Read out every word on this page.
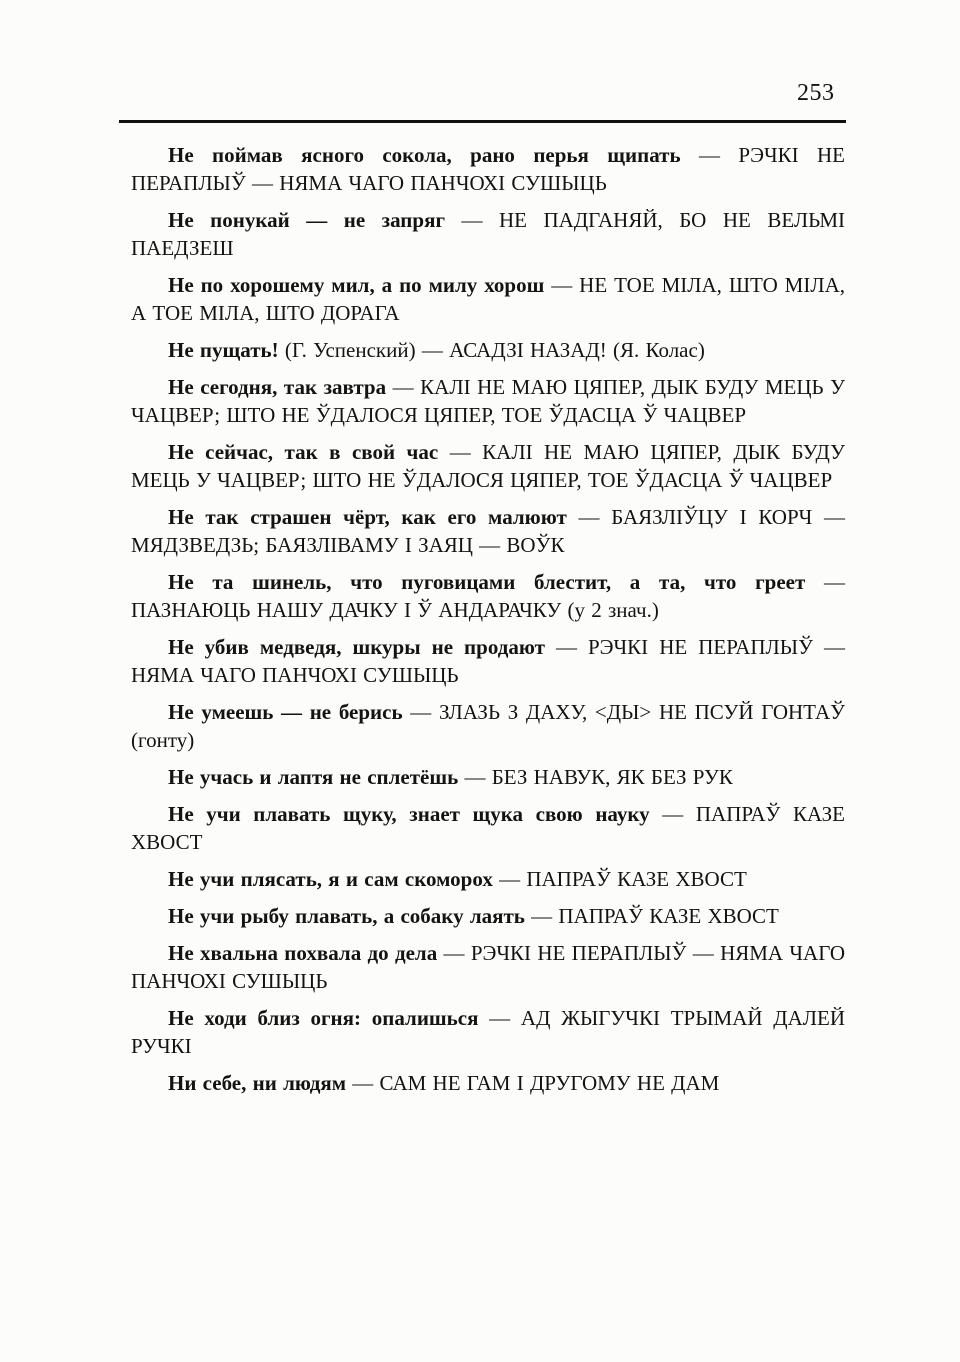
253

Не поймав ясного сокола, рано перья щипать — РЭЧКІ НЕ ПЕРАПЛЫЎ — НЯМА ЧАГО ПАНЧОХІ СУШЫЦЬ

Не понукай — не запряг — НЕ ПАДГАНЯЙ, БО НЕ ВЕЛЬМІ ПАЕДЗЕШ

Не по хорошему мил, а по милу хорош — НЕ ТОЕ МІЛА, ШТО МІЛА, А ТОЕ МІЛА, ШТО ДОРАГА

Не пущать! (Г. Успенский) — АСАДЗІ НАЗАД! (Я. Колас)

Не сегодня, так завтра — КАЛІ НЕ МАЮ ЦЯПЕР, ДЫК БУДУ МЕЦЬ У ЧАЦВЕР; ШТО НЕ ЎДАЛОСЯ ЦЯПЕР, ТОЕ ЎДАСЦА Ў ЧАЦВЕР

Не сейчас, так в свой час — КАЛІ НЕ МАЮ ЦЯПЕР, ДЫК БУДУ МЕЦЬ У ЧАЦВЕР; ШТО НЕ ЎДАЛОСЯ ЦЯПЕР, ТОЕ ЎДАСЦА Ў ЧАЦВЕР

Не так страшен чёрт, как его малюют — БАЯЗЛІЎЦУ І КОРЧ — МЯДЗВЕДЗЬ; БАЯЗЛІВАМУ І ЗАЯЦ — ВОЎК

Не та шинель, что пуговицами блестит, а та, что греет — ПАЗНАЮЦЬ НАШУ ДАЧКУ І Ў АНДАРАЧКУ (у 2 знач.)

Не убив медведя, шкуры не продают — РЭЧКІ НЕ ПЕРАПЛЫЎ — НЯМА ЧАГО ПАНЧОХІ СУШЫЦЬ

Не умеешь — не берись — ЗЛАЗЬ З ДАХУ, <ДЫ> НЕ ПСУЙ ГОНТАЎ (гонту)

Не учась и лаптя не сплетёшь — БЕЗ НАВУК, ЯК БЕЗ РУК

Не учи плавать щуку, знает щука свою науку — ПАПРАЎ КАЗЕ ХВОСТ

Не учи плясать, я и сам скоморох — ПАПРАЎ КАЗЕ ХВОСТ

Не учи рыбу плавать, а собаку лаять — ПАПРАЎ КАЗЕ ХВОСТ

Не хвальна похвала до дела — РЭЧКІ НЕ ПЕРАПЛЫЎ — НЯМА ЧАГО ПАНЧОХІ СУШЫЦЬ

Не ходи близ огня: опалишься — АД ЖЫГУЧКІ ТРЫМАЙ ДАЛЕЙ РУЧКІ

Ни себе, ни людям — САМ НЕ ГАМ І ДРУГОМУ НЕ ДАМ
